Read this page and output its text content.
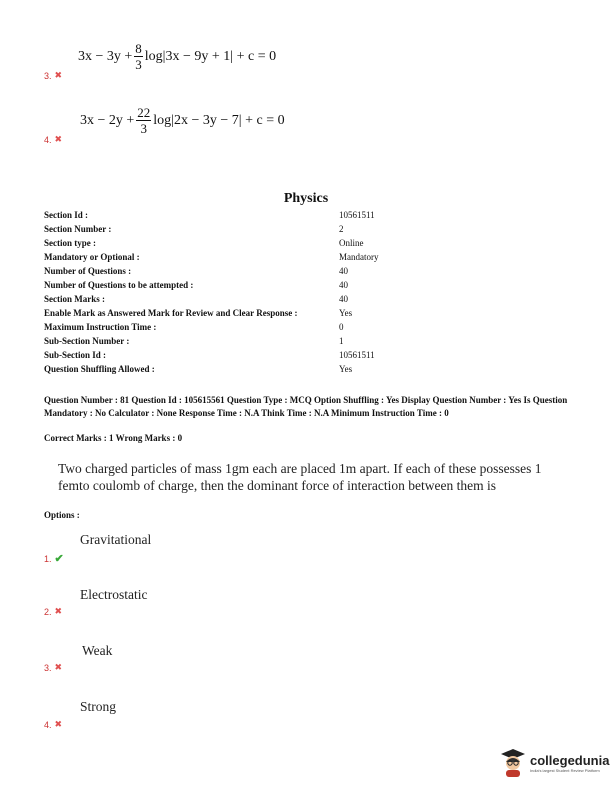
$3x - 3y + \frac{8}{3} \log|3x - 9y + 1| + c = 0$
3. ✖
$3x - 2y + \frac{22}{3} \log|2x - 3y - 7| + c = 0$
4. ✖
Physics
Section Id :	10561511
Section Number :	2
Section type :	Online
Mandatory or Optional :	Mandatory
Number of Questions :	40
Number of Questions to be attempted :	40
Section Marks :	40
Enable Mark as Answered Mark for Review and Clear Response :	Yes
Maximum Instruction Time :	0
Sub-Section Number :	1
Sub-Section Id :	10561511
Question Shuffling Allowed :	Yes
Question Number : 81 Question Id : 105615561 Question Type : MCQ Option Shuffling : Yes Display Question Number : Yes Is Question Mandatory : No Calculator : None Response Time : N.A Think Time : N.A Minimum Instruction Time : 0
Correct Marks : 1 Wrong Marks : 0
Two charged particles of mass 1gm each are placed 1m apart. If each of these possesses 1 femto coulomb of charge, then the dominant force of interaction between them is
Options :
Gravitational
1. ✔
Electrostatic
2. ✖
Weak
3. ✖
Strong
4. ✖
collegedunia
India's largest Student Review Platform
